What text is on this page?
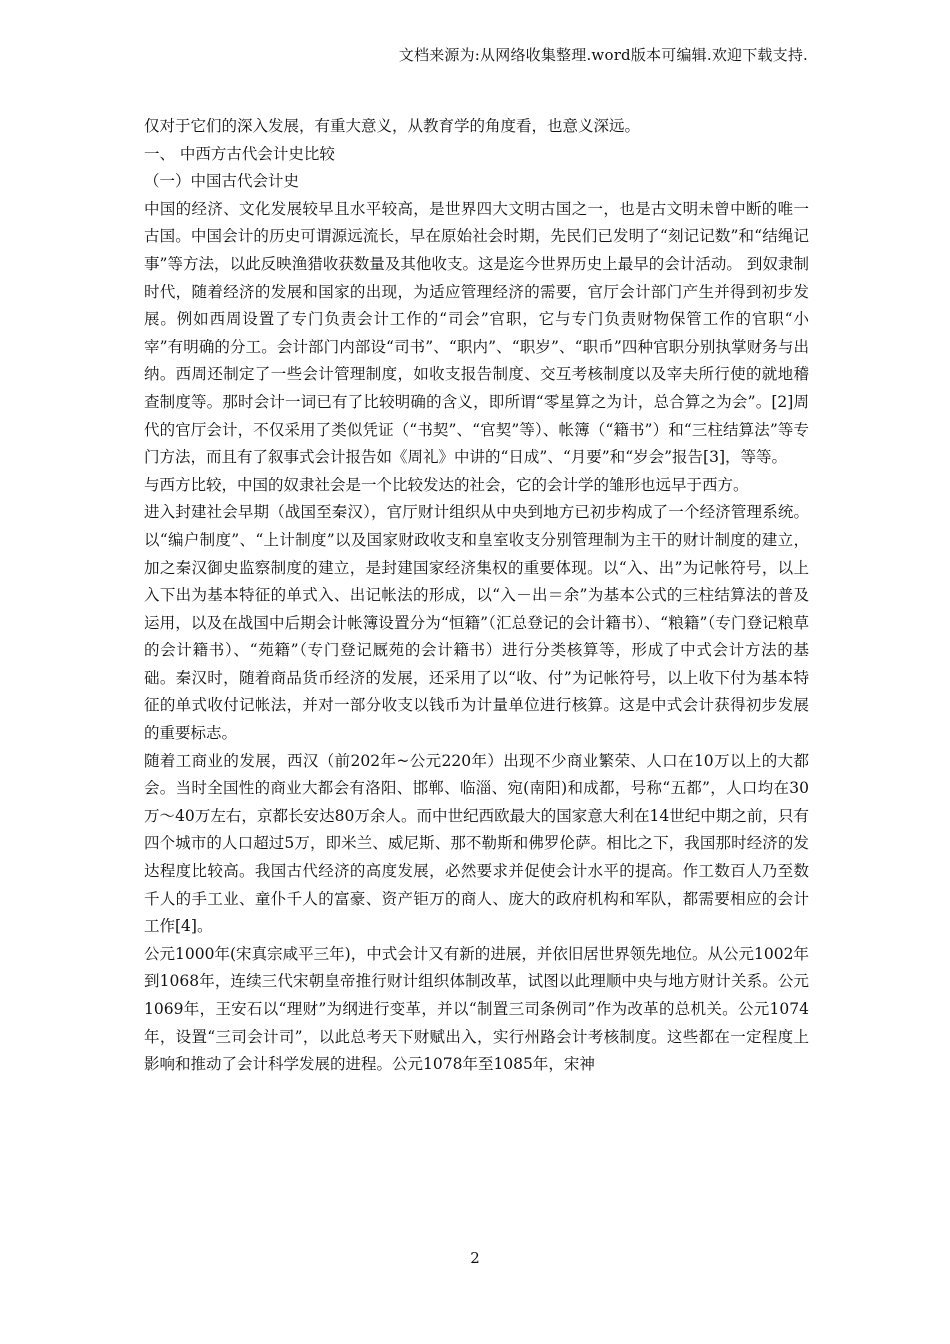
文档来源为:从网络收集整理.word版本可编辑.欢迎下载支持.

仅对于它们的深入发展，有重大意义，从教育学的角度看，也意义深远。

一、 中西方古代会计史比较

（一）中国古代会计史

中国的经济、文化发展较早且水平较高，是世界四大文明古国之一，也是古文明未曾中断的唯一古国。中国会计的历史可谓源远流长，早在原始社会时期，先民们已发明了“刻记记数”和“结绳记事”等方法，以此反映渔猎收获数量及其他收支。这是迄今世界历史上最早的会计活动。 到奴隶制时代，随着经济的发展和国家的出现，为适应管理经济的需要，官厅会计部门产生并得到初步发展。例如西周设置了专门负责会计工作的“司会”官职，它与专门负责财物保管工作的官职“小宰”有明确的分工。会计部门内部设“司书”、“职内”、“职岁”、“职币”四种官职分别执掌财务与出纳。西周还制定了一些会计管理制度，如收支报告制度、交互考核制度以及宰夫所行使的就地稽查制度等。那时会计一词已有了比较明确的含义，即所谓“零星算之为计，总合算之为会”。[2]周代的官厅会计，不仅采用了类似凭证（“书契”、“官契”等）、帐簿（“籍书”）和“三柱结算法”等专门方法，而且有了叙事式会计报告如《周礼》中讲的“日成”、“月要”和“岁会”报告[3]，等等。

与西方比较，中国的奴隶社会是一个比较发达的社会，它的会计学的雏形也远早于西方。

进入封建社会早期（战国至秦汉），官厅财计组织从中央到地方已初步构成了一个经济管理系统。以“编户制度”、“上计制度”以及国家财政收支和皇室收支分别管理制为主干的财计制度的建立，加之秦汉御史监察制度的建立，是封建国家经济集权的重要体现。以“入、出”为记帐符号，以上入下出为基本特征的单式入、出记帐法的形成，以“入－出＝余”为基本公式的三柱结算法的普及运用，以及在战国中后期会计帐簿设置分为“恒籍”（汇总登记的会计籍书）、“粮籍”（专门登记粮草的会计籍书）、“苑籍”（专门登记厩苑的会计籍书）进行分类核算等，形成了中式会计方法的基础。秦汉时，随着商品货币经济的发展，还采用了以“收、付”为记帐符号，以上收下付为基本特征的单式收付记帐法，并对一部分收支以钱币为计量单位进行核算。这是中式会计获得初步发展的重要标志。

随着工商业的发展，西汉（前202年~公元220年）出现不少商业繁荣、人口在10万以上的大都会。当时全国性的商业大都会有洛阳、邯郸、临淄、宛(南阳)和成都，号称“五都”，人口均在30万～40万左右，京都长安达80万余人。而中世纪西欧最大的国家意大利在14世纪中期之前，只有四个城市的人口超过5万，即米兰、威尼斯、那不勒斯和佛罗伦萨。相比之下，我国那时经济的发达程度比较高。我国古代经济的高度发展，必然要求并促使会计水平的提高。作工数百人乃至数千人的手工业、童仆千人的富豪、资产钜万的商人、庞大的政府机构和军队，都需要相应的会计工作[4]。

公元1000年(宋真宗咸平三年)，中式会计又有新的进展，并依旧居世界领先地位。从公元1002年到1068年，连续三代宋朝皇帝推行财计组织体制改革，试图以此理顺中央与地方财计关系。公元1069年，王安石以“理财”为纲进行变革，并以“制置三司条例司”作为改革的总机关。公元1074年，设置“三司会计司”，以此总考天下财赋出入，实行州路会计考核制度。这些都在一定程度上影响和推动了会计科学发展的进程。公元1078年至1085年，宋神

2
